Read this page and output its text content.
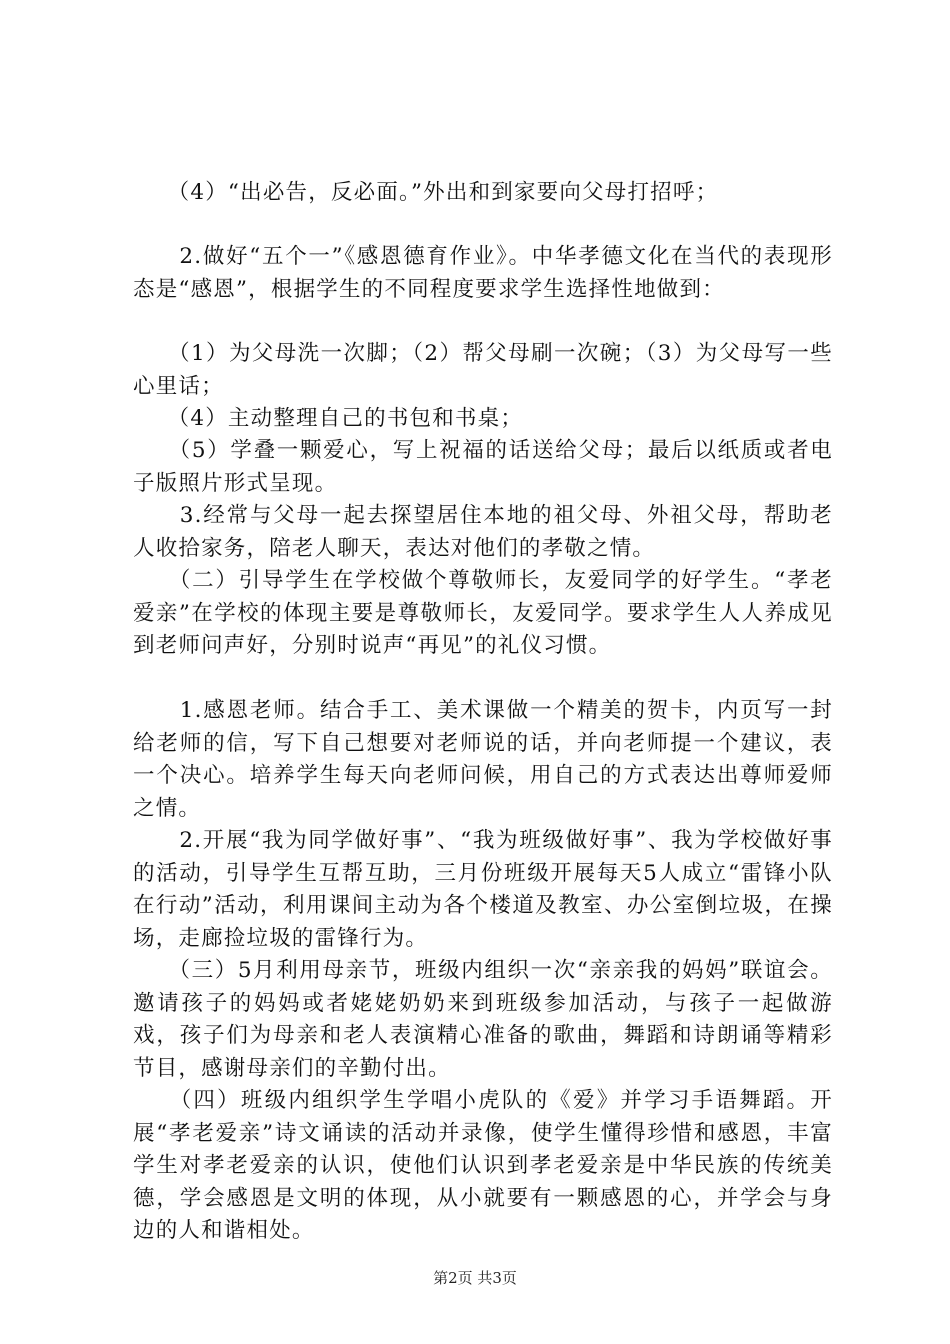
　　（4）“出必告，反必面。”外出和到家要向父母打招呼；

　　2.做好“五个一”《感恩德育作业》。中华孝德文化在当代的表现形态是“感恩”，根据学生的不同程度要求学生选择性地做到：

　　（1）为父母洗一次脚；（2）帮父母刷一次碗；（3）为父母写一些心里话；

　　（4）主动整理自己的书包和书桌；

　　（5）学叠一颗爱心，写上祝福的话送给父母；最后以纸质或者电子版照片形式呈现。

　　3.经常与父母一起去探望居住本地的祖父母、外祖父母，帮助老人收拾家务，陪老人聊天，表达对他们的孝敬之情。

　　（二）引导学生在学校做个尊敬师长，友爱同学的好学生。“孝老爱亲”在学校的体现主要是尊敬师长，友爱同学。要求学生人人养成见到老师问声好，分别时说声“再见”的礼仪习惯。

　　1.感恩老师。结合手工、美术课做一个精美的贺卡，内页写一封给老师的信，写下自己想要对老师说的话，并向老师提一个建议，表一个决心。培养学生每天向老师问候，用自己的方式表达出尊师爱师之情。

　　2.开展“我为同学做好事”、“我为班级做好事”、我为学校做好事的活动，引导学生互帮互助，三月份班级开展每天5人成立“雷锋小队在行动”活动，利用课间主动为各个楼道及教室、办公室倒垃圾，在操场，走廊捡垃圾的雷锋行为。

　　（三）5月利用母亲节，班级内组织一次“亲亲我的妈妈”联谊会。邀请孩子的妈妈或者姥姥奶奶来到班级参加活动，与孩子一起做游戏，孩子们为母亲和老人表演精心准备的歌曲，舞蹈和诗朗诵等精彩节目，感谢母亲们的辛勤付出。

　　（四）班级内组织学生学唱小虎队的《爱》并学习手语舞蹈。开展“孝老爱亲”诗文诵读的活动并录像，使学生懂得珍惜和感恩，丰富学生对孝老爱亲的认识，使他们认识到孝老爱亲是中华民族的传统美德，学会感恩是文明的体现，从小就要有一颗感恩的心，并学会与身边的人和谐相处。

第2页 共3页
